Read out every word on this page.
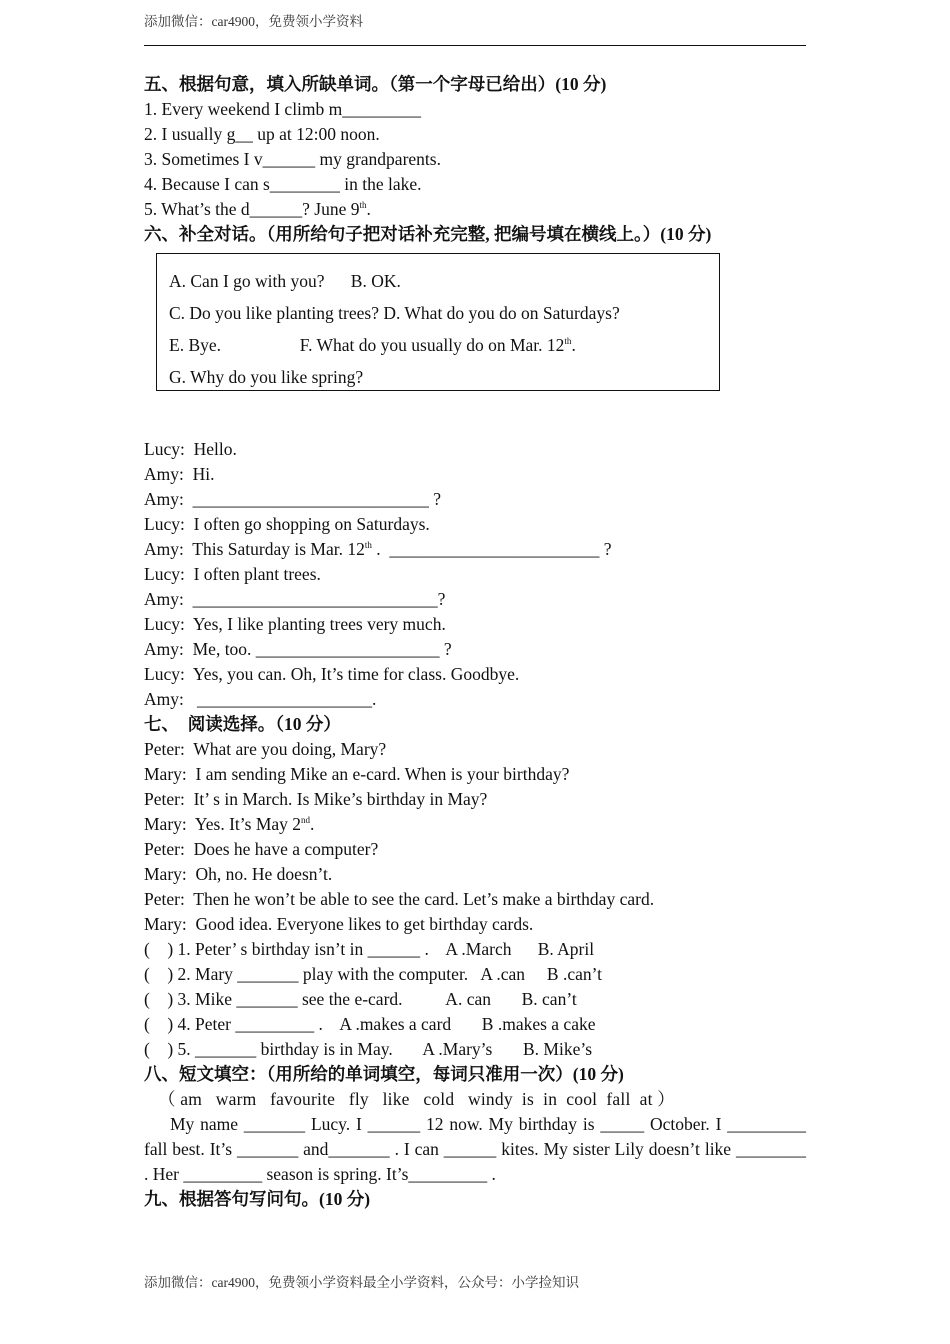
添加微信：car4900，免费领小学资料
五、根据句意，填入所缺单词。（第一个字母已给出）(10 分)
1. Every weekend I climb m_________
2. I usually g__ up at 12:00 noon.
3. Sometimes I v______ my grandparents.
4. Because I can s________ in the lake.
5. What’s the d______? June 9th.
六、补全对话。（用所给句子把对话补充完整, 把编号填在横线上。）(10 分)
A. Can I go with you?      B. OK.
C. Do you like planting trees? D. What do you do on Saturdays?
E. Bye.                  F. What do you usually do on Mar. 12th.
G. Why do you like spring?
Lucy:  Hello.
Amy:  Hi.
Amy:  ___________________________ ?
Lucy:  I often go shopping on Saturdays.
Amy:  This Saturday is Mar. 12th .  ________________________ ?
Lucy:  I often plant trees.
Amy:  ____________________________?
Lucy:  Yes, I like planting trees very much.
Amy:  Me, too. _____________________ ?
Lucy:  Yes, you can. Oh, It’s time for class. Goodbye.
Amy:   ____________________.
七、  阅读选择。（10 分）
Peter:  What are you doing, Mary?
Mary:  I am sending Mike an e-card. When is your birthday?
Peter:  It’ s in March. Is Mike’s birthday in May?
Mary:  Yes. It’s May 2nd.
Peter:  Does he have a computer?
Mary:  Oh, no. He doesn’t.
Peter:  Then he won’t be able to see the card. Let’s make a birthday card.
Mary:  Good idea. Everyone likes to get birthday cards.
(    ) 1. Peter’ s birthday isn’t in ______ .    A .March      B. April
(    ) 2. Mary _______ play with the computer.   A .can     B .can’t
(    ) 3. Mike _______ see the e-card.          A. can       B. can’t
(    ) 4. Peter _________ .    A .makes a card       B .makes a cake
(    ) 5. _______ birthday is in May.       A .Mary’s       B. Mike’s
八、短文填空：（用所给的单词填空，每词只准用一次）(10 分)
（ am   warm   favourite   fly   like   cold   windy  is  in  cool  fall  at ）
My name _______ Lucy. I ______ 12 now. My birthday is _____ October. I _________ fall best. It’s _______ and_______ . I can ______ kites. My sister Lily doesn’t like ________ . Her _________ season is spring. It’s_________ .
九、根据答句写问句。(10 分)
添加微信：car4900，免费领小学资料最全小学资料，公众号：小学捡知识
